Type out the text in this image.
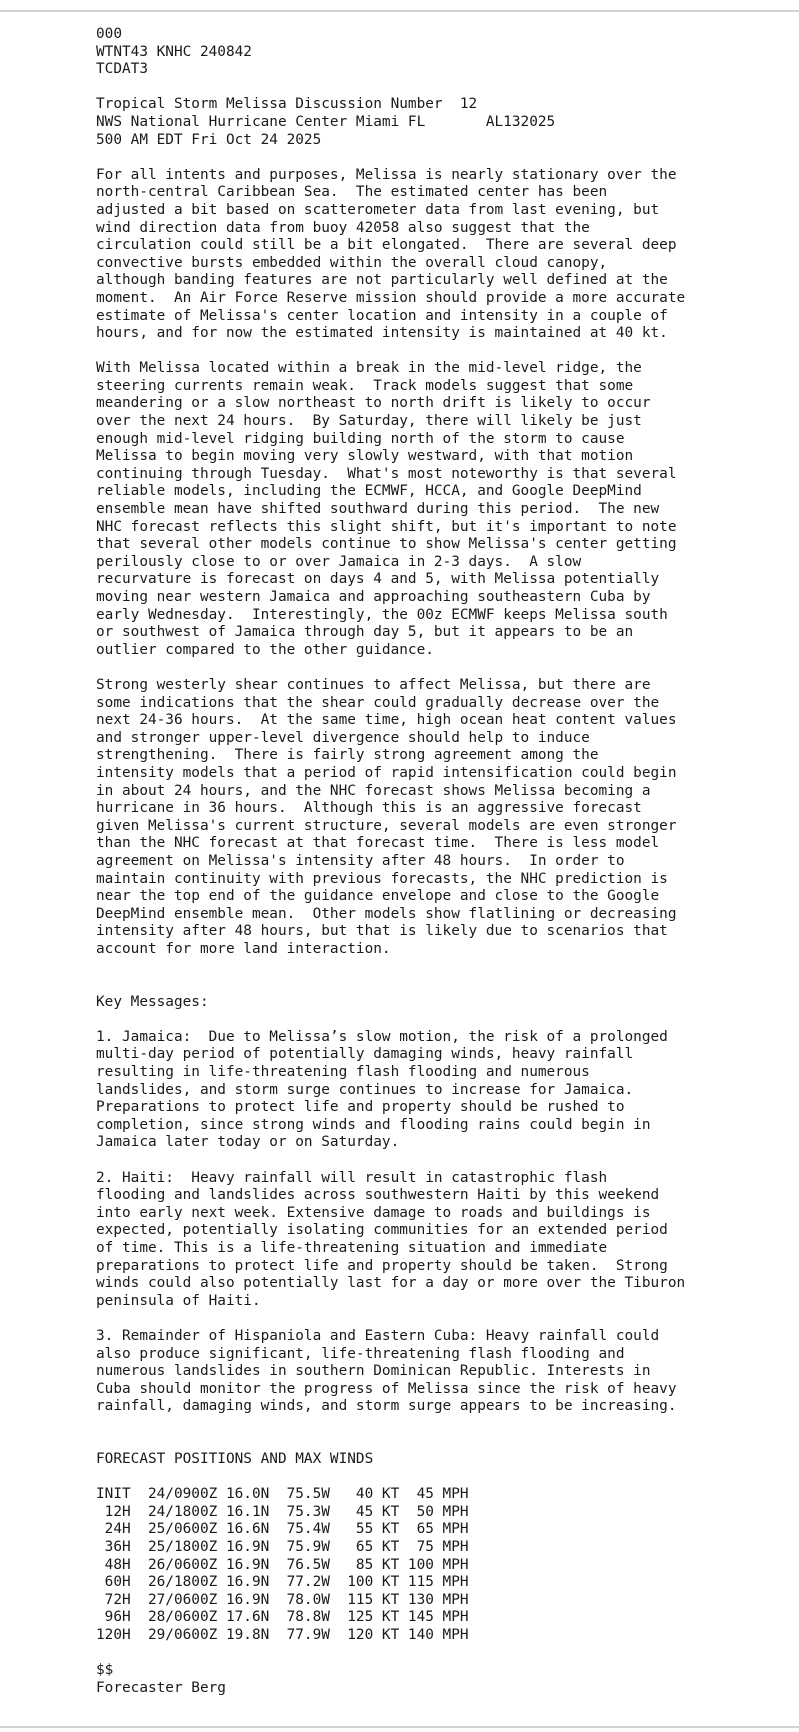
000
WTNT43 KNHC 240842
TCDAT3
Tropical Storm Melissa Discussion Number  12
NWS National Hurricane Center Miami FL       AL132025
500 AM EDT Fri Oct 24 2025
For all intents and purposes, Melissa is nearly stationary over the
north-central Caribbean Sea.  The estimated center has been
adjusted a bit based on scatterometer data from last evening, but
wind direction data from buoy 42058 also suggest that the
circulation could still be a bit elongated.  There are several deep
convective bursts embedded within the overall cloud canopy,
although banding features are not particularly well defined at the
moment.  An Air Force Reserve mission should provide a more accurate
estimate of Melissa's center location and intensity in a couple of
hours, and for now the estimated intensity is maintained at 40 kt.
With Melissa located within a break in the mid-level ridge, the
steering currents remain weak.  Track models suggest that some
meandering or a slow northeast to north drift is likely to occur
over the next 24 hours.  By Saturday, there will likely be just
enough mid-level ridging building north of the storm to cause
Melissa to begin moving very slowly westward, with that motion
continuing through Tuesday.  What's most noteworthy is that several
reliable models, including the ECMWF, HCCA, and Google DeepMind
ensemble mean have shifted southward during this period.  The new
NHC forecast reflects this slight shift, but it's important to note
that several other models continue to show Melissa's center getting
perilously close to or over Jamaica in 2-3 days.  A slow
recurvature is forecast on days 4 and 5, with Melissa potentially
moving near western Jamaica and approaching southeastern Cuba by
early Wednesday.  Interestingly, the 00z ECMWF keeps Melissa south
or southwest of Jamaica through day 5, but it appears to be an
outlier compared to the other guidance.
Strong westerly shear continues to affect Melissa, but there are
some indications that the shear could gradually decrease over the
next 24-36 hours.  At the same time, high ocean heat content values
and stronger upper-level divergence should help to induce
strengthening.  There is fairly strong agreement among the
intensity models that a period of rapid intensification could begin
in about 24 hours, and the NHC forecast shows Melissa becoming a
hurricane in 36 hours.  Although this is an aggressive forecast
given Melissa's current structure, several models are even stronger
than the NHC forecast at that forecast time.  There is less model
agreement on Melissa's intensity after 48 hours.  In order to
maintain continuity with previous forecasts, the NHC prediction is
near the top end of the guidance envelope and close to the Google
DeepMind ensemble mean.  Other models show flatlining or decreasing
intensity after 48 hours, but that is likely due to scenarios that
account for more land interaction.
Key Messages:
1. Jamaica:  Due to Melissa’s slow motion, the risk of a prolonged
multi-day period of potentially damaging winds, heavy rainfall
resulting in life-threatening flash flooding and numerous
landslides, and storm surge continues to increase for Jamaica.
Preparations to protect life and property should be rushed to
completion, since strong winds and flooding rains could begin in
Jamaica later today or on Saturday.
2. Haiti:  Heavy rainfall will result in catastrophic flash
flooding and landslides across southwestern Haiti by this weekend
into early next week. Extensive damage to roads and buildings is
expected, potentially isolating communities for an extended period
of time. This is a life-threatening situation and immediate
preparations to protect life and property should be taken.  Strong
winds could also potentially last for a day or more over the Tiburon
peninsula of Haiti.
3. Remainder of Hispaniola and Eastern Cuba: Heavy rainfall could
also produce significant, life-threatening flash flooding and
numerous landslides in southern Dominican Republic. Interests in
Cuba should monitor the progress of Melissa since the risk of heavy
rainfall, damaging winds, and storm surge appears to be increasing.
FORECAST POSITIONS AND MAX WINDS
INIT  24/0900Z 16.0N  75.5W   40 KT  45 MPH
12H  24/1800Z 16.1N  75.3W   45 KT  50 MPH
24H  25/0600Z 16.6N  75.4W   55 KT  65 MPH
36H  25/1800Z 16.9N  75.9W   65 KT  75 MPH
48H  26/0600Z 16.9N  76.5W   85 KT 100 MPH
60H  26/1800Z 16.9N  77.2W  100 KT 115 MPH
72H  27/0600Z 16.9N  78.0W  115 KT 130 MPH
96H  28/0600Z 17.6N  78.8W  125 KT 145 MPH
120H  29/0600Z 19.8N  77.9W  120 KT 140 MPH
$$
Forecaster Berg
